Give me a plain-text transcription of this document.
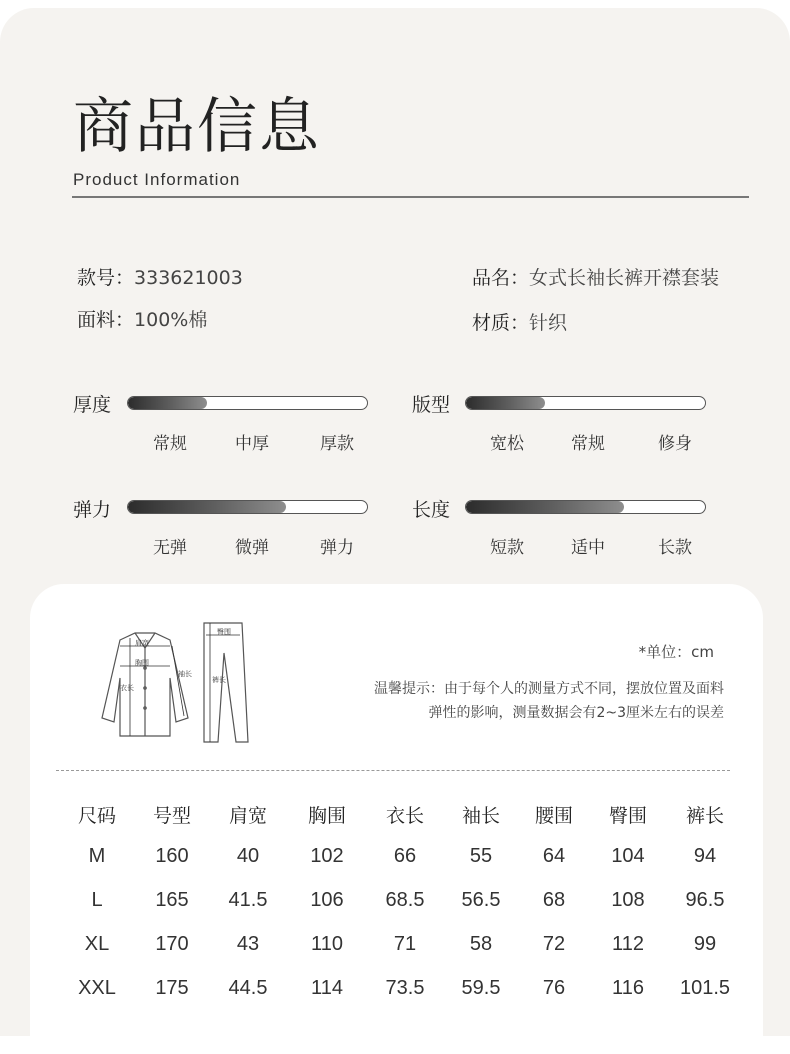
商品信息
Product Information
款号：333621003	品名：女式长袖长裤开襟套装
面料：100%棉	材质：针织
厚度
常规	中厚	厚款
版型
宽松	常规	修身
弹力
无弹	微弹	弹力
长度
短款	适中	长款
肩宽
胸围
衣长
袖长
臀围
裤长
*单位：cm
温馨提示：由于每个人的测量方式不同，摆放位置及面料
弹性的影响，测量数据会有2~3厘米左右的误差
尺码 号型 肩宽 胸围 衣长 袖长 腰围 臀围 裤长
M 160 40	102	66	55	64 104 94
L	165 41.5 106 68.5 56.5 68 108 96.5
XL 170 43	110	71	58	72 112 99
XXL 175 44.5 114 73.5 59.5 76 116 101.5
